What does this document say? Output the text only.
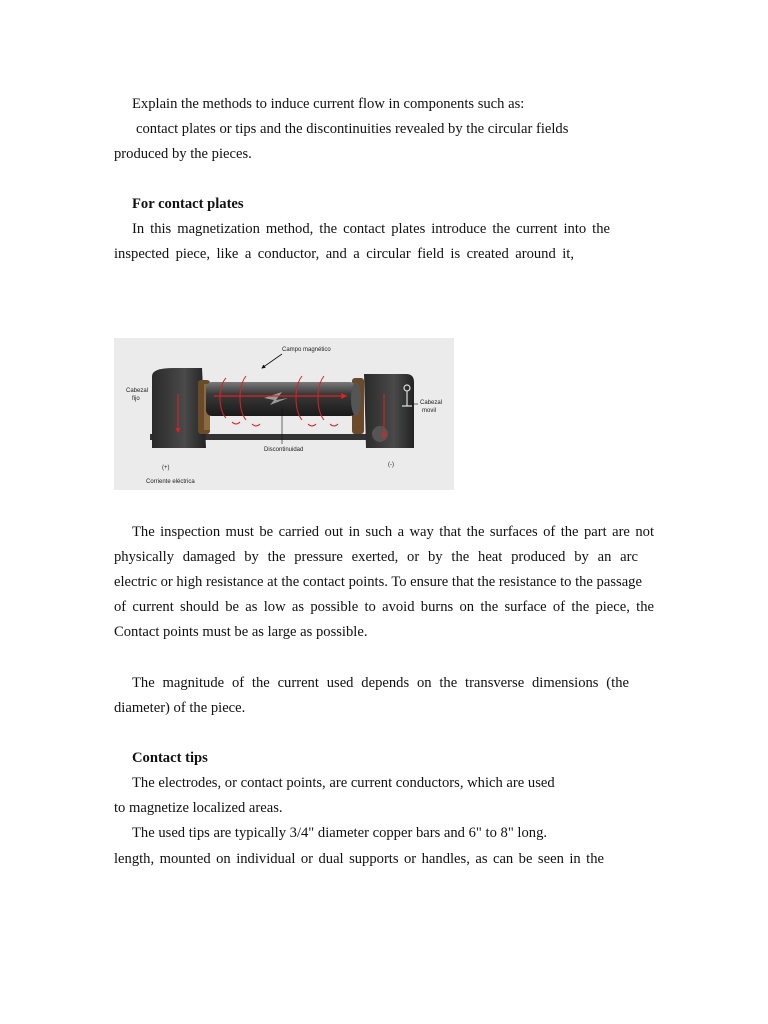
Explain the methods to induce current flow in components such as:
contact plates or tips and the discontinuities revealed by the circular fields
produced by the pieces.
For contact plates
In this magnetization method, the contact plates introduce the current into the
inspected piece, like a conductor, and a circular field is created around it,
Campo magnético
Cabezal
fijo
Cabezal
movil
Discontinuidad
(+)	(-)
Corriente eléctrica
The inspection must be carried out in such a way that the surfaces of the part are not
physically damaged by the pressure exerted, or by the heat produced by an arc
electric or high resistance at the contact points. To ensure that the resistance to the passage
of current should be as low as possible to avoid burns on the surface of the piece, the
Contact points must be as large as possible.
The magnitude of the current used depends on the transverse dimensions (the
diameter) of the piece.
Contact tips
The electrodes, or contact points, are current conductors, which are used
to magnetize localized areas.
The used tips are typically 3/4" diameter copper bars and 6" to 8" long.
length, mounted on individual or dual supports or handles, as can be seen in the
